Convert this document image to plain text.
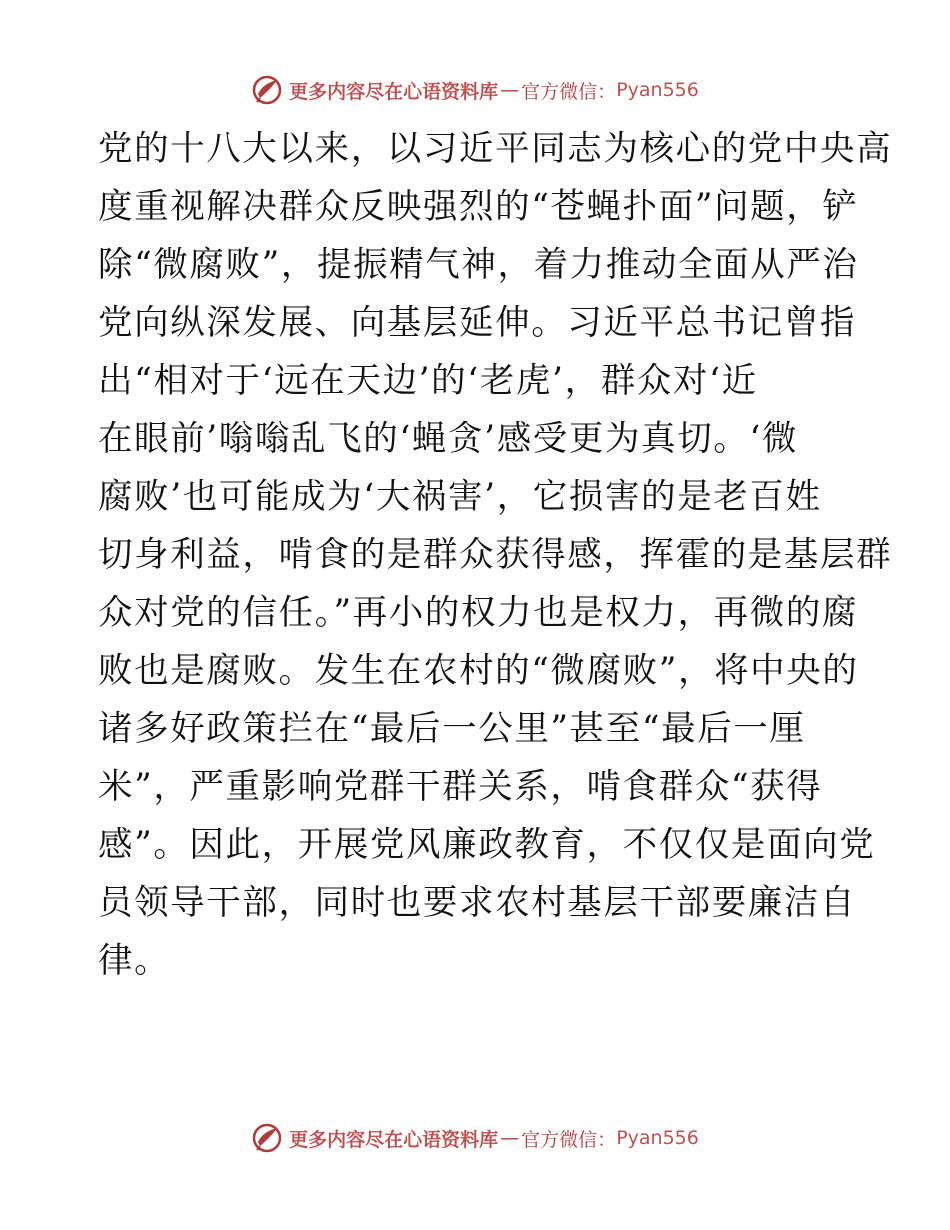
更多内容尽在心语资料库 — 官方微信： Pyan556
党的十八大以来，以习近平同志为核心的党中央高
度重视解决群众反映强烈的“苍蝇扑面”问题，铲
除“微腐败”，提振精气神，着力推动全面从严治
党向纵深发展、向基层延伸。习近平总书记曾指
出“相对于‘远在天边’的‘老虎’，群众对‘近
在眼前’嗡嗡乱飞的‘蝇贪’感受更为真切。‘微
腐败’也可能成为‘大祸害’，它损害的是老百姓
切身利益，啃食的是群众获得感，挥霍的是基层群
众对党的信任。”再小的权力也是权力，再微的腐
败也是腐败。发生在农村的“微腐败”，将中央的
诸多好政策拦在“最后一公里”甚至“最后一厘
米”，严重影响党群干群关系，啃食群众“获得
感”。因此，开展党风廉政教育，不仅仅是面向党
员领导干部，同时也要求农村基层干部要廉洁自
律。
更多内容尽在心语资料库 — 官方微信： Pyan556
